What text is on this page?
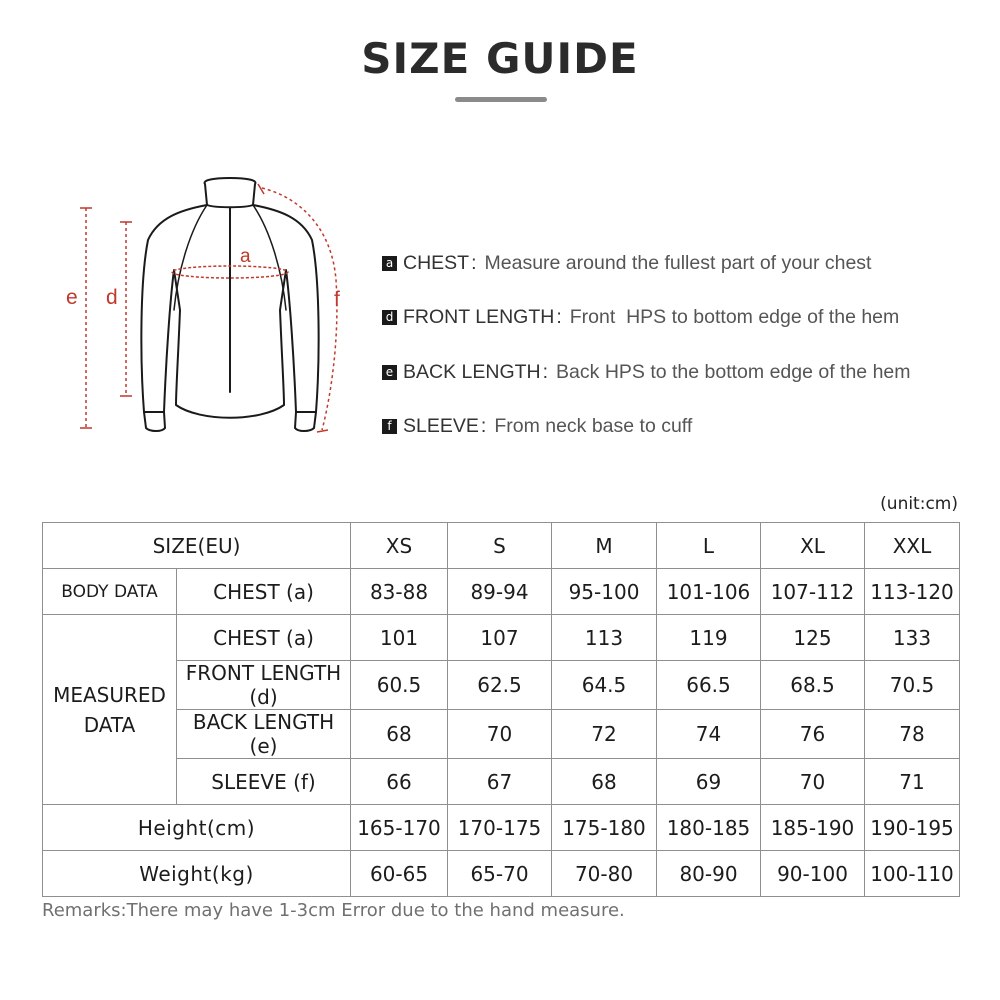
SIZE GUIDE
a
e d	f
a CHEST : Measure around the fullest part of your chest
d FRONT LENGTH : Front  HPS to bottom edge of the hem
e BACK LENGTH : Back HPS to the bottom edge of the hem
f SLEEVE : From neck base to cuff
(unit:cm)
SIZE(EU)		XS	S	M	L	XL	XXL
BODY DATA	CHEST (a)	83-88	89-94	95-100	101-106	107-112	113-120

MEASURED
DATA	CHEST (a)	101	107	113	119	125	133
	FRONT LENGTH (d)	60.5	62.5	64.5	66.5	68.5	70.5
	BACK LENGTH (e)	68	70	72	74	76	78
	SLEEVE (f)	66	67	68	69	70	71
Height(cm)		165-170	170-175	175-180	180-185	185-190	190-195
Weight(kg)		60-65	65-70	70-80	80-90	90-100	100-110
Remarks:There may have 1-3cm Error due to the hand measure.
